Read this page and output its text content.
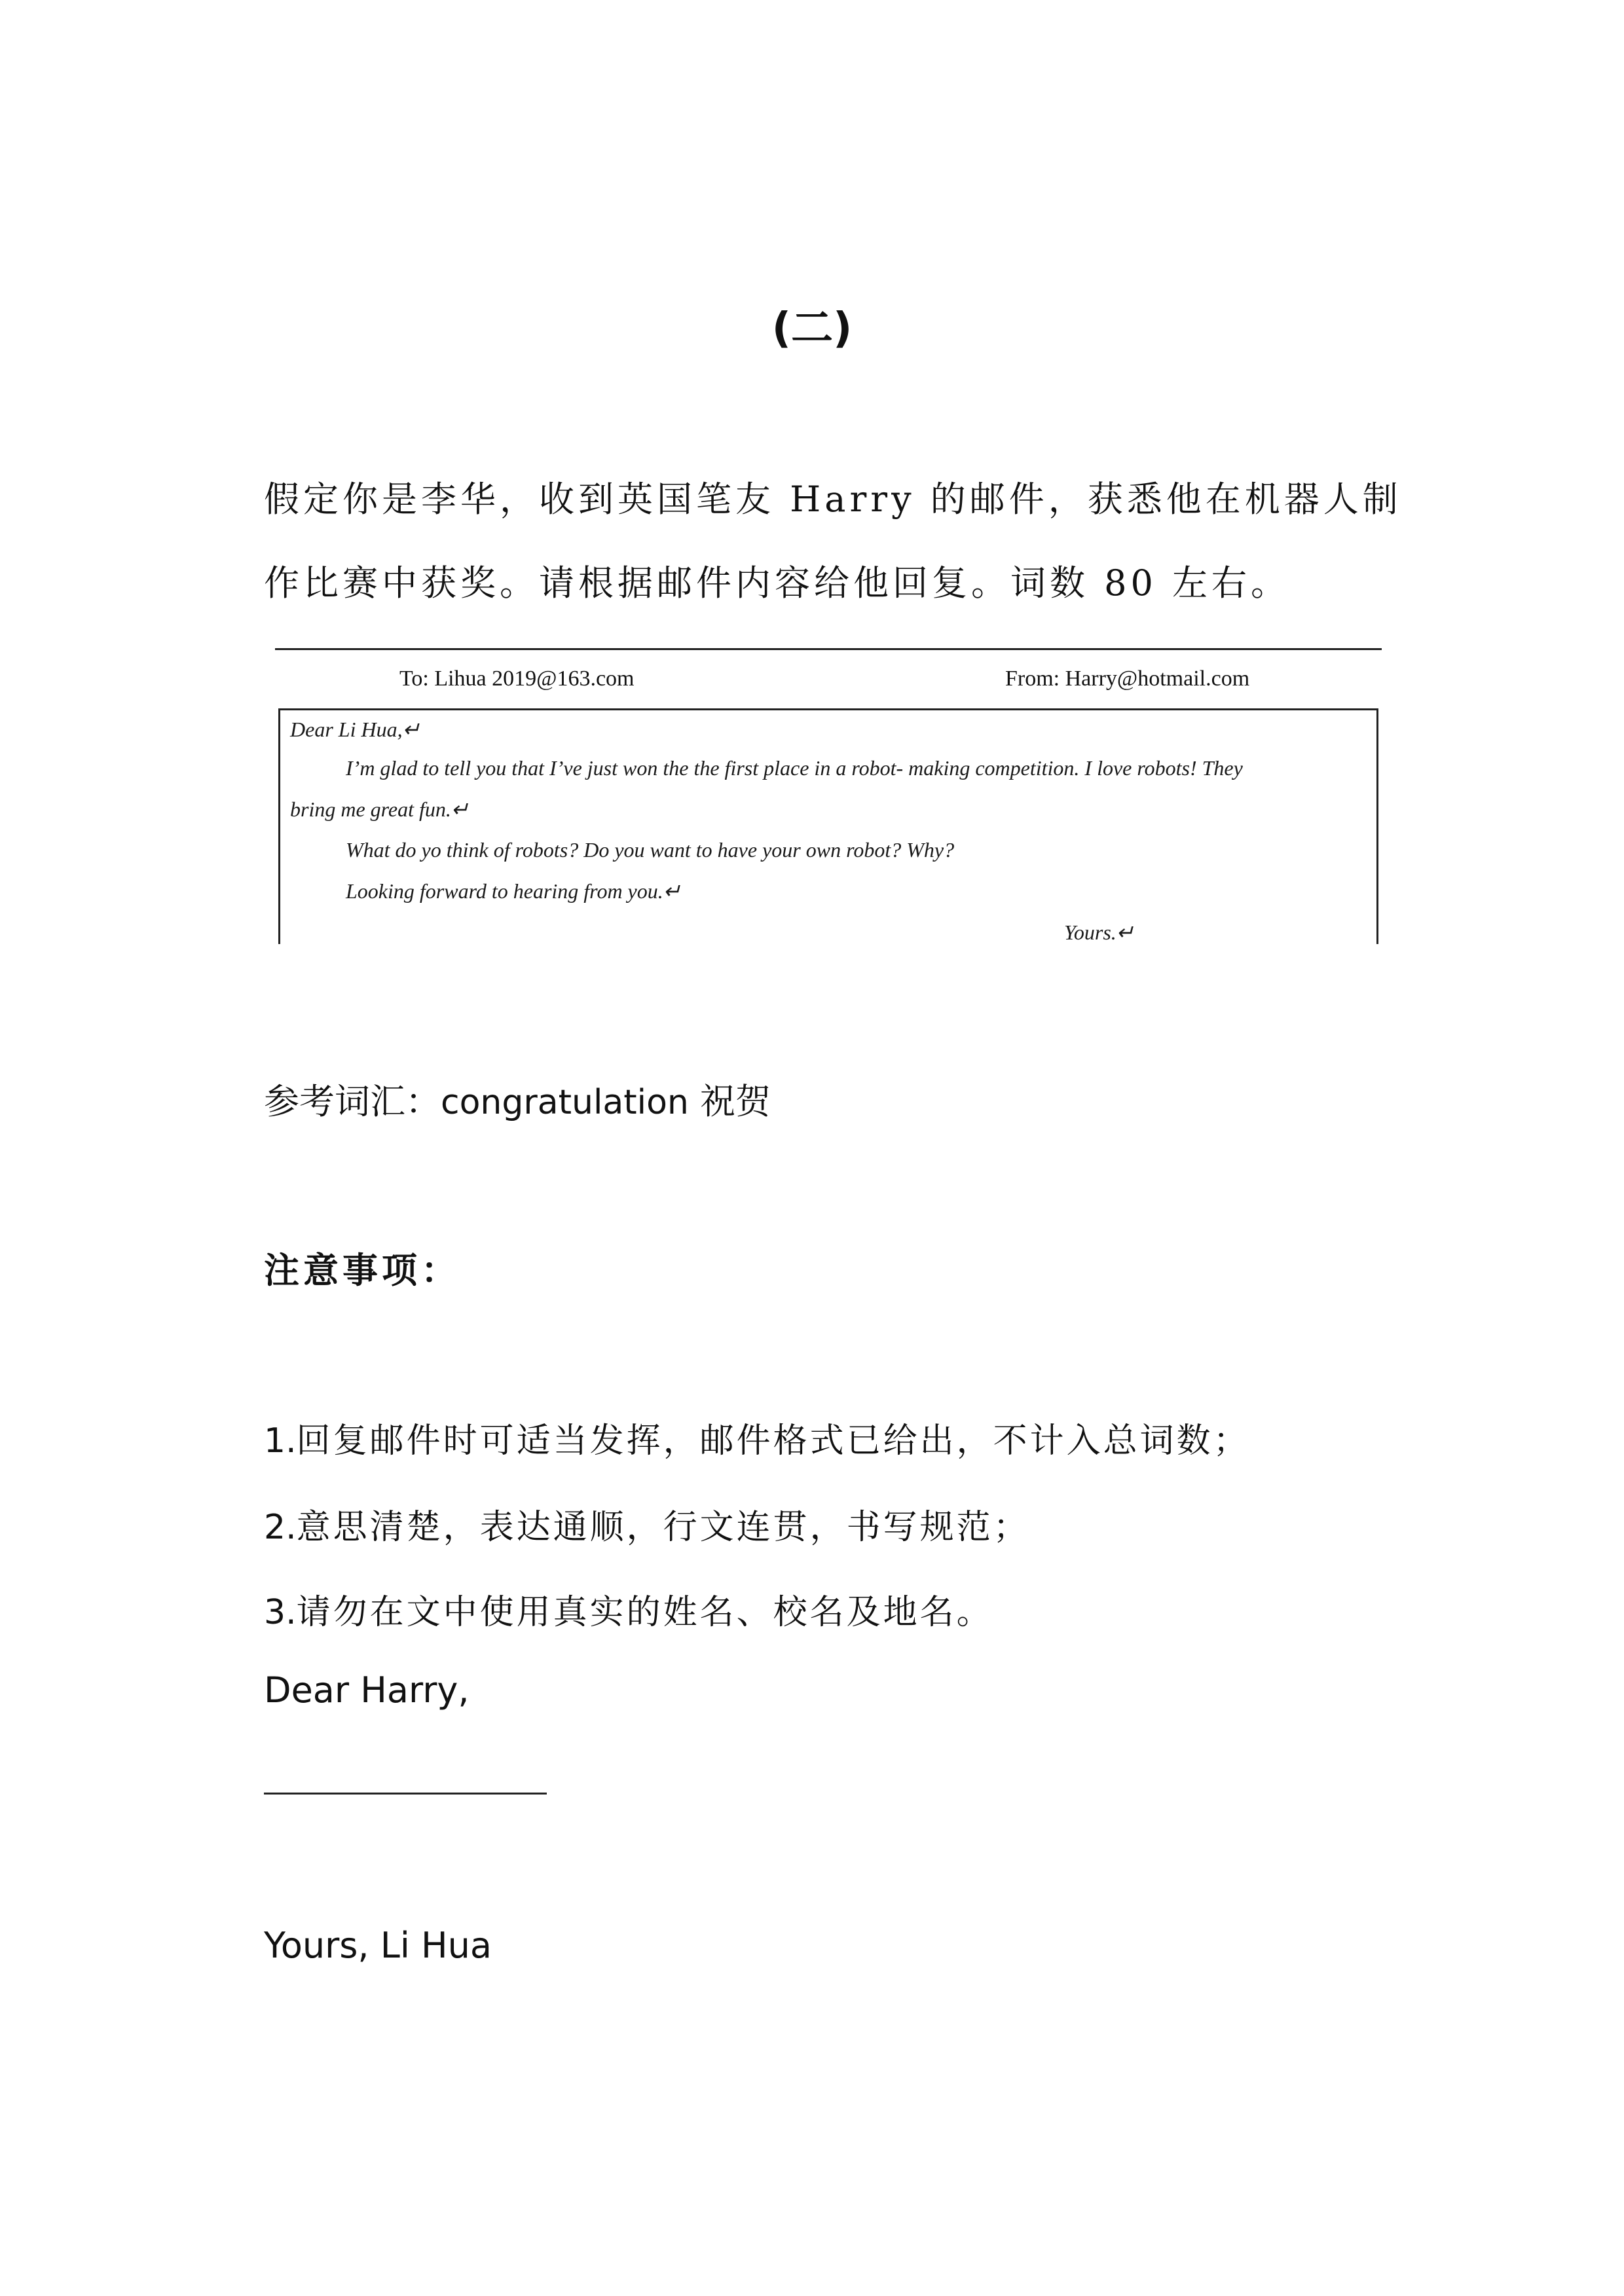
(二)
假定你是李华，收到英国笔友 Harry 的邮件，获悉他在机器人制
作比赛中获奖。请根据邮件内容给他回复。词数 80 左右。
To: Lihua 2019@163.com	From: Harry@hotmail.com
Dear Li Hua,↵
I’m glad to tell you that I’ve just won the the first place in a robot- making competition. I love robots! They
bring me great fun.↵
What do yo think of robots? Do you want to have your own robot? Why?
Looking forward to hearing from you.↵
Yours.↵
参考词汇：congratulation 祝贺
注意事项：
1.回复邮件时可适当发挥，邮件格式已给出，不计入总词数；
2.意思清楚，表达通顺，行文连贯，书写规范；
3.请勿在文中使用真实的姓名、校名及地名。
Dear Harry,
Yours, Li Hua
